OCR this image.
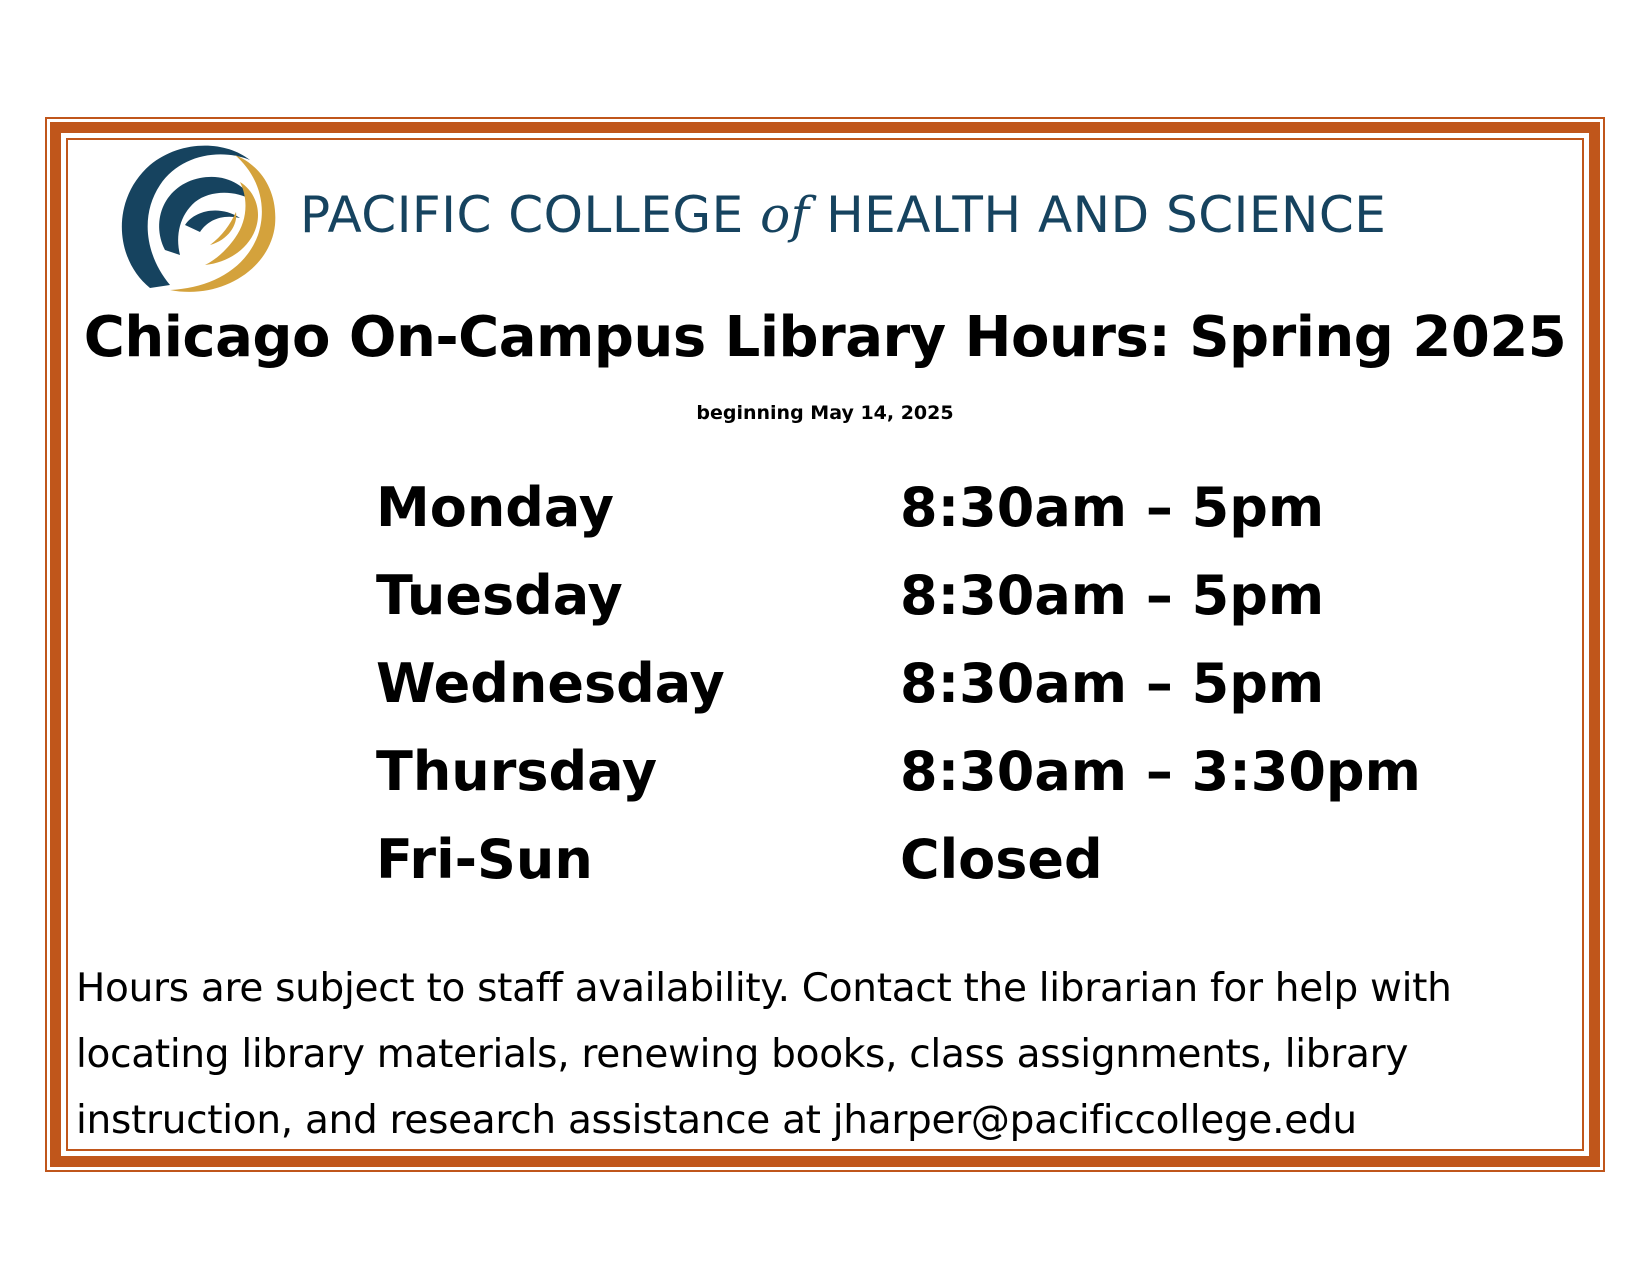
PACIFIC COLLEGE of HEALTH AND SCIENCE
Chicago On-Campus Library Hours: Spring 2025
beginning May 14, 2025
Monday	8:30am – 5pm
Tuesday	8:30am – 5pm
Wednesday	8:30am – 5pm
Thursday	8:30am – 3:30pm
Fri-Sun	Closed
Hours are subject to staff availability. Contact the librarian for help with locating library materials, renewing books, class assignments, library instruction, and research assistance at jharper@pacificcollege.edu
